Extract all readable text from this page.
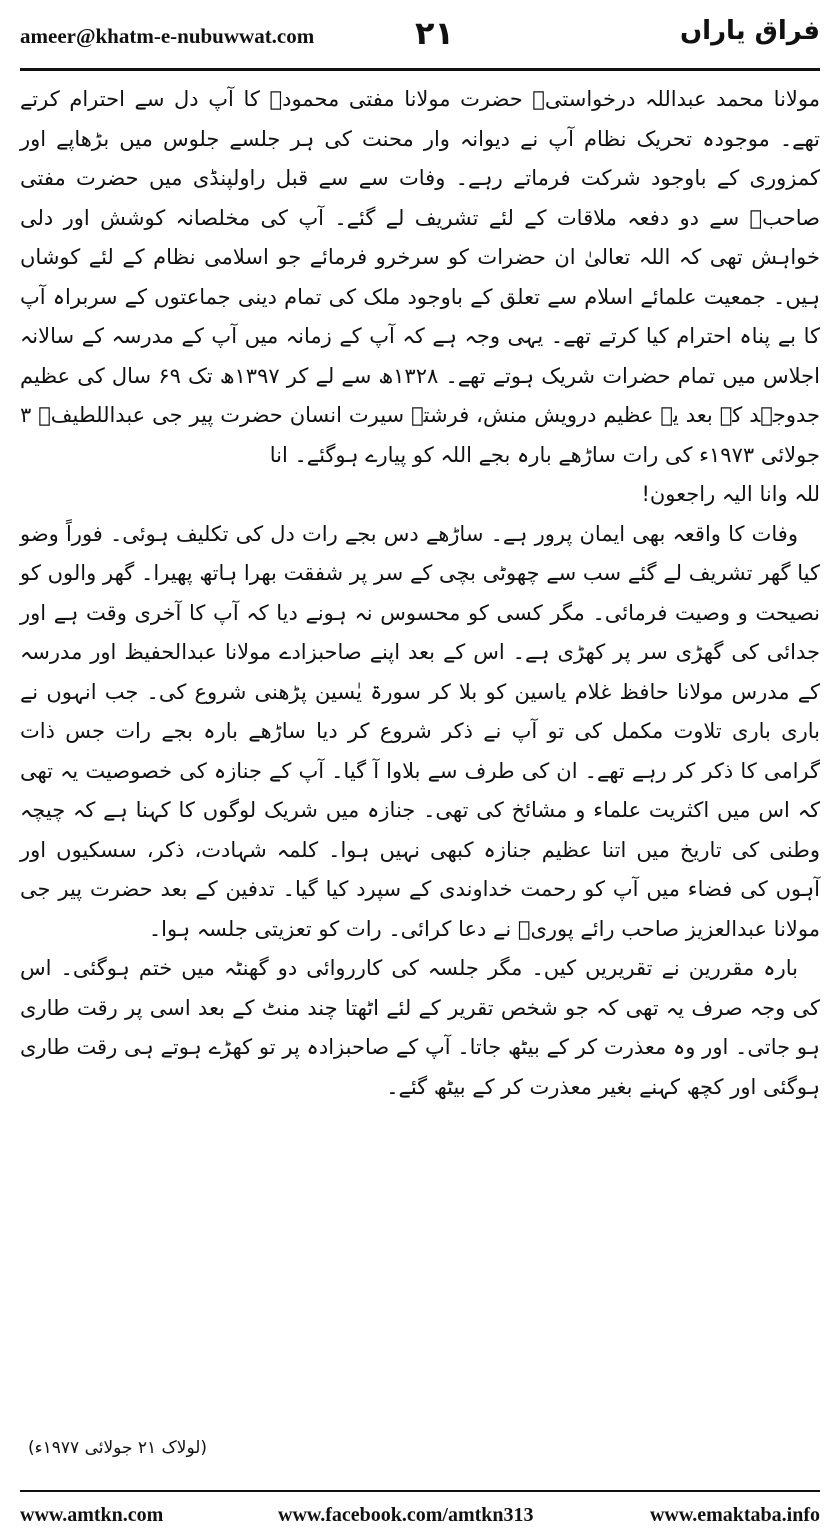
ameer@khatm-e-nubuwwat.com	۲۱	فراق یاراں

مولانا محمد عبداللہ درخواستیؒ حضرت مولانا مفتی محمودؒ کا آپ دل سے احترام کرتے تھے۔ موجودہ تحریک نظام آپ نے دیوانہ وار محنت کی ہر جلسے جلوس میں بڑھاپے اور کمزوری کے باوجود شرکت فرماتے رہے۔ وفات سے سے قبل راولپنڈی میں حضرت مفتی صاحبؒ سے دو دفعہ ملاقات کے لئے تشریف لے گئے۔ آپ کی مخلصانہ کوشش اور دلی خواہش تھی کہ اللہ تعالیٰ ان حضرات کو سرخرو فرمائے جو اسلامی نظام کے لئے کوشاں ہیں۔ جمعیت علمائے اسلام سے تعلق کے باوجود ملک کی تمام دینی جماعتوں کے سربراہ آپ کا بے پناہ احترام کیا کرتے تھے۔ یہی وجہ ہے کہ آپ کے زمانہ میں آپ کے مدرسہ کے سالانہ اجلاس میں تمام حضرات شریک ہوتے تھے۔ ۱۳۲۸ھ سے لے کر ۱۳۹۷ھ تک ۶۹ سال کی عظیم جدوجہد کے بعد یہ عظیم درویش منش، فرشتہ سیرت انسان حضرت پیر جی عبداللطیفؒ ۳ جولائی ۱۹۷۳ء کی رات ساڑھے بارہ بجے اللہ کو پیارے ہوگئے۔ انا

للہ وانا الیہ راجعون!

وفات کا واقعہ بھی ایمان پرور ہے۔ ساڑھے دس بجے رات دل کی تکلیف ہوئی۔ فوراً وضو کیا گھر تشریف لے گئے سب سے چھوٹی بچی کے سر پر شفقت بھرا ہاتھ پھیرا۔ گھر والوں کو نصیحت و وصیت فرمائی۔ مگر کسی کو محسوس نہ ہونے دیا کہ آپ کا آخری وقت ہے اور جدائی کی گھڑی سر پر کھڑی ہے۔ اس کے بعد اپنے صاحبزادے مولانا عبدالحفیظ اور مدرسہ کے مدرس مولانا حافظ غلام یاسین کو بلا کر سورۃ یٰسین پڑھنی شروع کی۔ جب انہوں نے باری باری تلاوت مکمل کی تو آپ نے ذکر شروع کر دیا ساڑھے بارہ بجے رات جس ذات گرامی کا ذکر کر رہے تھے۔ ان کی طرف سے بلاوا آ گیا۔ آپ کے جنازہ کی خصوصیت یہ تھی کہ اس میں اکثریت علماء و مشائخ کی تھی۔ جنازہ میں شریک لوگوں کا کہنا ہے کہ چیچہ وطنی کی تاریخ میں اتنا عظیم جنازہ کبھی نہیں ہوا۔ کلمہ شہادت، ذکر، سسکیوں اور آہوں کی فضاء میں آپ کو رحمت خداوندی کے سپرد کیا گیا۔ تدفین کے بعد حضرت پیر جی مولانا عبدالعزیز صاحب رائے پوریؒ نے دعا کرائی۔ رات کو تعزیتی جلسہ ہوا۔

بارہ مقررین نے تقریریں کیں۔ مگر جلسہ کی کارروائی دو گھنٹہ میں ختم ہوگئی۔ اس کی وجہ صرف یہ تھی کہ جو شخص تقریر کے لئے اٹھتا چند منٹ کے بعد اسی پر رقت طاری ہو جاتی۔ اور وہ معذرت کر کے بیٹھ جاتا۔ آپ کے صاحبزادہ پر تو کھڑے ہوتے ہی رقت طاری ہوگئی اور کچھ کہنے بغیر معذرت کر کے بیٹھ گئے۔

(لولاک ۲۱ جولائی ۱۹۷۷ء)
www.amtkn.com	www.facebook.com/amtkn313	www.emaktaba.info
